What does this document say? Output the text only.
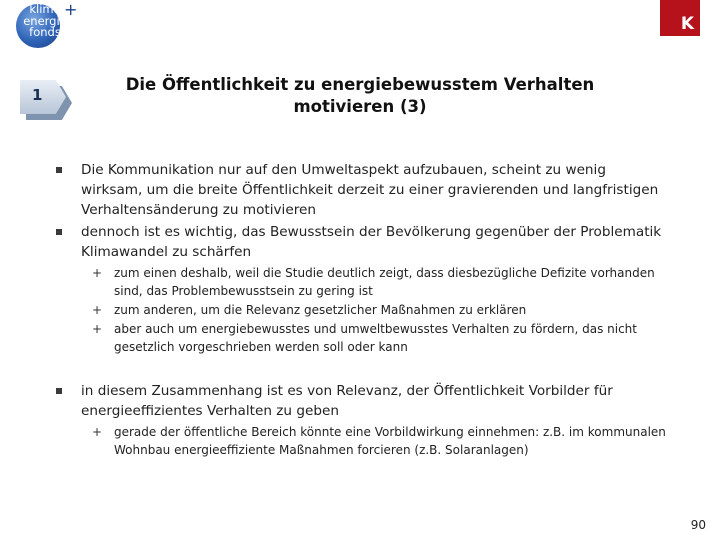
klima
energie
fonds
+
K
1
Die Öffentlichkeit zu energiebewusstem Verhalten motivieren (3)
Die Kommunikation nur auf den Umweltaspekt aufzubauen, scheint zu wenig wirksam, um die breite Öffentlichkeit derzeit zu einer gravierenden und langfristigen Verhaltensänderung zu motivieren
dennoch ist es wichtig, das Bewusstsein der Bevölkerung gegenüber der Problematik Klimawandel zu schärfen
+ zum einen deshalb, weil die Studie deutlich zeigt, dass diesbezügliche Defizite vorhanden sind, das Problembewusstsein zu gering ist
+ zum anderen, um die Relevanz gesetzlicher Maßnahmen zu erklären
+ aber auch um energiebewusstes und umweltbewusstes Verhalten zu fördern, das nicht gesetzlich vorgeschrieben werden soll oder kann
in diesem Zusammenhang ist es von Relevanz, der Öffentlichkeit Vorbilder für energieeffizientes Verhalten zu geben
+ gerade der öffentliche Bereich könnte eine Vorbildwirkung einnehmen: z.B. im kommunalen Wohnbau energieeffiziente Maßnahmen forcieren (z.B. Solaranlagen)
90
